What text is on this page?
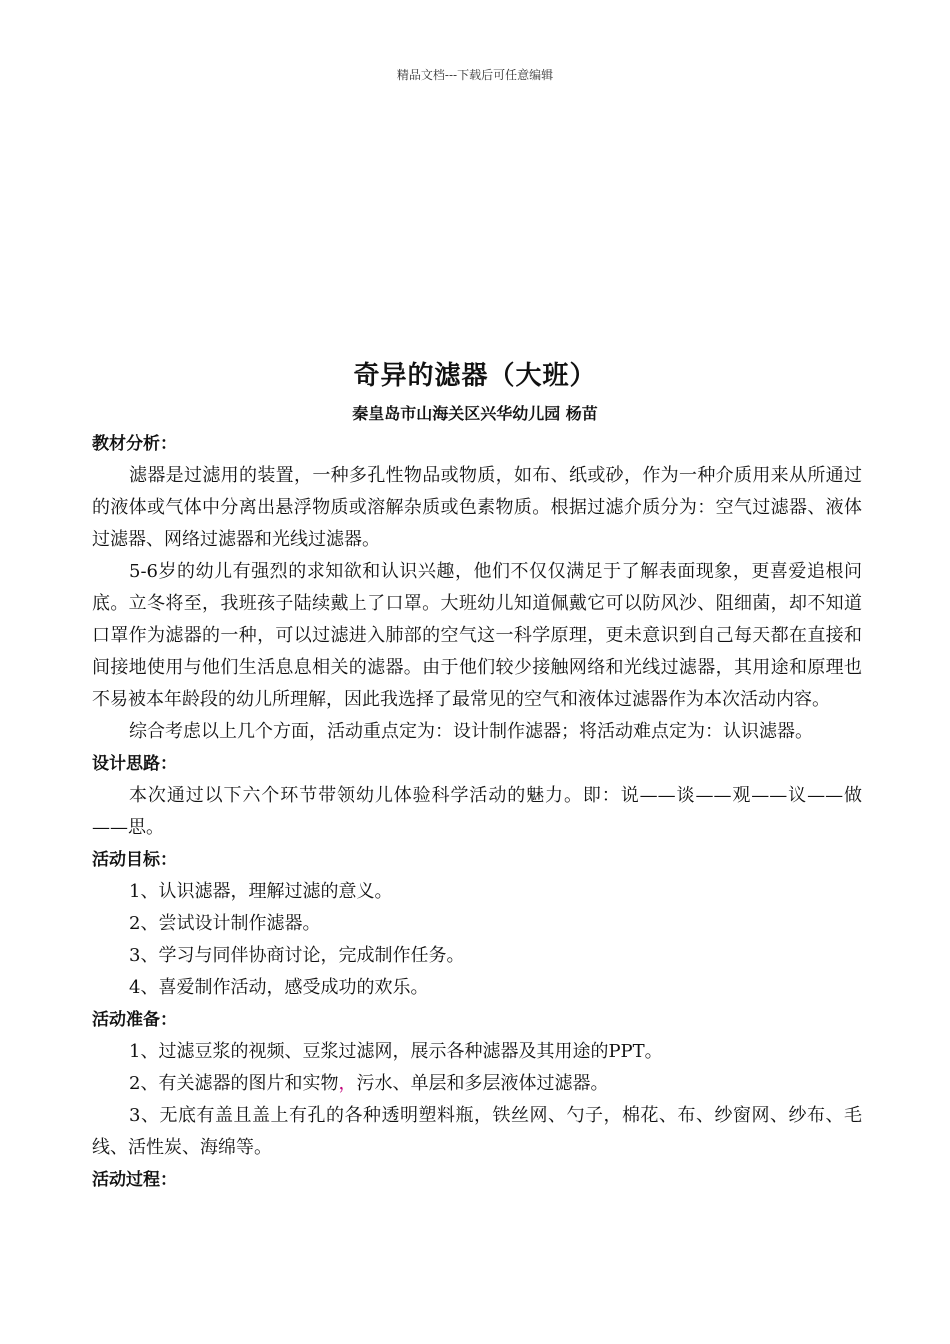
精品文档---下载后可任意编辑
奇异的滤器（大班）
秦皇岛市山海关区兴华幼儿园 杨苗
教材分析：
滤器是过滤用的装置，一种多孔性物品或物质，如布、纸或砂，作为一种介质用来从所通过的液体或气体中分离出悬浮物质或溶解杂质或色素物质。根据过滤介质分为：空气过滤器、液体过滤器、网络过滤器和光线过滤器。
5-6岁的幼儿有强烈的求知欲和认识兴趣，他们不仅仅满足于了解表面现象，更喜爱追根问底。立冬将至，我班孩子陆续戴上了口罩。大班幼儿知道佩戴它可以防风沙、阻细菌，却不知道口罩作为滤器的一种，可以过滤进入肺部的空气这一科学原理，更未意识到自己每天都在直接和间接地使用与他们生活息息相关的滤器。由于他们较少接触网络和光线过滤器，其用途和原理也不易被本年龄段的幼儿所理解，因此我选择了最常见的空气和液体过滤器作为本次活动内容。
综合考虑以上几个方面，活动重点定为：设计制作滤器；将活动难点定为：认识滤器。
设计思路：
本次通过以下六个环节带领幼儿体验科学活动的魅力。即：说——谈——观——议——做——思。
活动目标：
1、认识滤器，理解过滤的意义。
2、尝试设计制作滤器。
3、学习与同伴协商讨论，完成制作任务。
4、喜爱制作活动，感受成功的欢乐。
活动准备：
1、过滤豆浆的视频、豆浆过滤网，展示各种滤器及其用途的PPT。
2、有关滤器的图片和实物，污水、单层和多层液体过滤器。
3、无底有盖且盖上有孔的各种透明塑料瓶，铁丝网、勺子，棉花、布、纱窗网、纱布、毛线、活性炭、海绵等。
活动过程：
